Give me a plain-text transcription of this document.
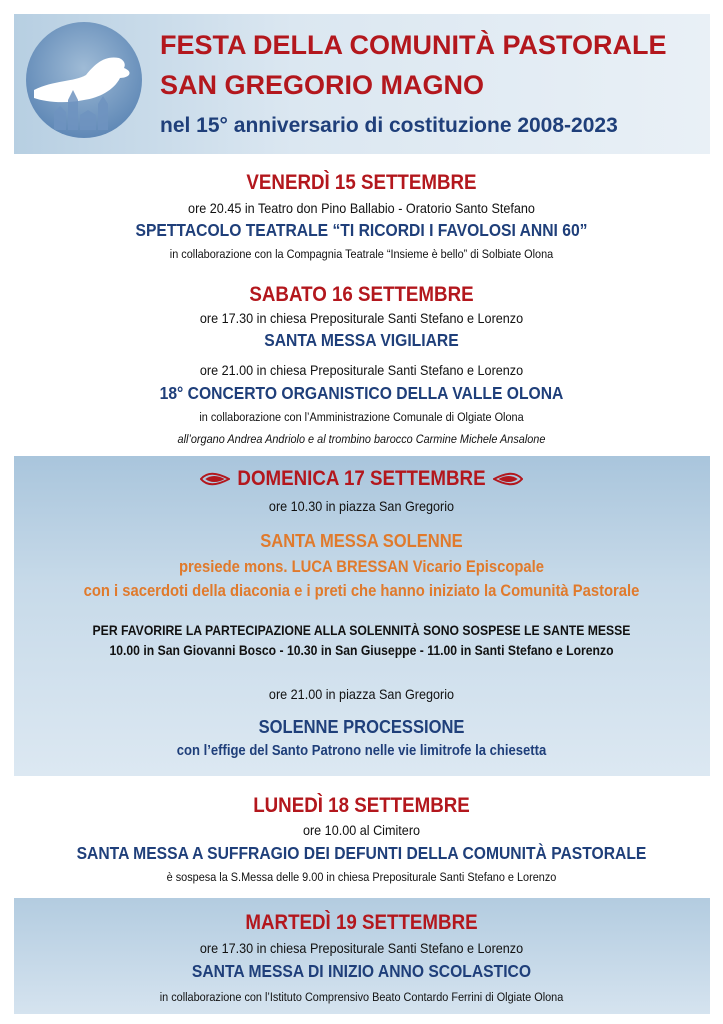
FESTA DELLA COMUNITÀ PASTORALE
SAN GREGORIO MAGNO
nel 15° anniversario di costituzione 2008-2023
VENERDÌ 15 SETTEMBRE
ore 20.45 in Teatro don Pino Ballabio - Oratorio Santo Stefano
SPETTACOLO TEATRALE “TI RICORDI I FAVOLOSI ANNI 60”
in collaborazione con la Compagnia Teatrale “Insieme è bello” di Solbiate Olona
SABATO 16 SETTEMBRE
ore 17.30 in chiesa Prepositurale Santi Stefano e Lorenzo
SANTA MESSA VIGILIARE
ore 21.00 in chiesa Prepositurale Santi Stefano e Lorenzo
18° CONCERTO ORGANISTICO DELLA VALLE OLONA
in collaborazione con l’Amministrazione Comunale di Olgiate Olona
all’organo Andrea Andriolo e al trombino barocco Carmine Michele Ansalone
DOMENICA 17 SETTEMBRE
ore 10.30 in piazza San Gregorio
SANTA MESSA SOLENNE
presiede mons. LUCA BRESSAN Vicario Episcopale
con i sacerdoti della diaconia e i preti che hanno iniziato la Comunità Pastorale
PER FAVORIRE LA PARTECIPAZIONE ALLA SOLENNITÀ SONO SOSPESE LE SANTE MESSE
10.00 in San Giovanni Bosco - 10.30 in San Giuseppe - 11.00 in Santi Stefano e Lorenzo
ore 21.00 in piazza San Gregorio
SOLENNE PROCESSIONE
con l’effige del Santo Patrono nelle vie limitrofe la chiesetta
LUNEDÌ 18 SETTEMBRE
ore 10.00 al Cimitero
SANTA MESSA A SUFFRAGIO DEI DEFUNTI DELLA COMUNITÀ PASTORALE
è sospesa la S.Messa delle 9.00 in chiesa Prepositurale Santi Stefano e Lorenzo
MARTEDÌ 19 SETTEMBRE
ore 17.30 in chiesa Prepositurale Santi Stefano e Lorenzo
SANTA MESSA DI INIZIO ANNO SCOLASTICO
in collaborazione con l’Istituto Comprensivo Beato Contardo Ferrini di Olgiate Olona
